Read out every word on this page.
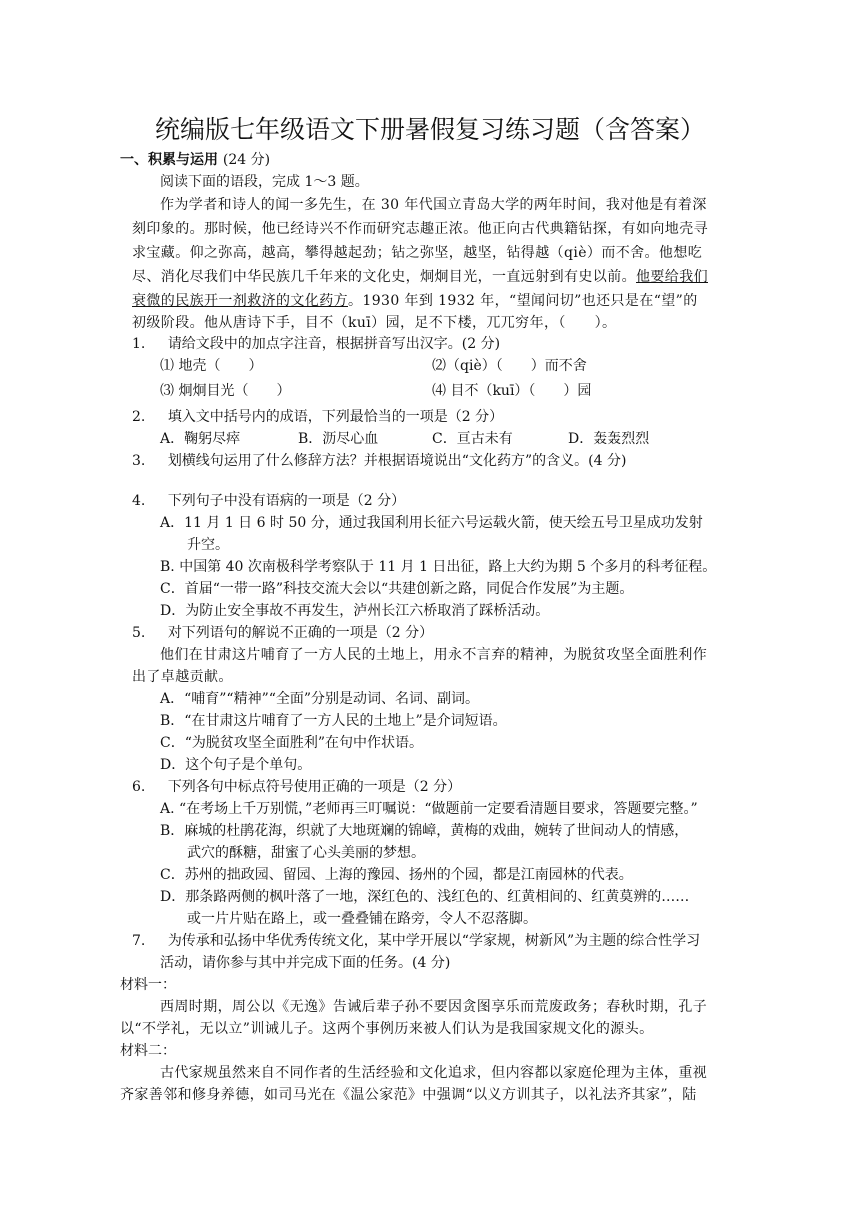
统编版七年级语文下册暑假复习练习题（含答案）
一、积累与运用 (24 分)
阅读下面的语段，完成 1～3 题。
作为学者和诗人的闻一多先生，在 30 年代国立青岛大学的两年时间，我对他是有着深
刻印象的。那时候，他已经诗兴不作而研究志趣正浓。他正向古代典籍钻探，有如向地壳寻
求宝藏。仰之弥高，越高，攀得越起劲；钻之弥坚，越坚，钻得越（qiè）而不舍。他想吃
尽、消化尽我们中华民族几千年来的文化史，炯炯目光，一直远射到有史以前。他要给我们
衰微的民族开一剂救济的文化药方。1930 年到 1932 年，“望闻问切”也还只是在“望”的
初级阶段。他从唐诗下手，目不（kuī）园，足不下楼，兀兀穷年，（　　）。
1. 请给文段中的加点字注音，根据拼音写出汉字。(2 分)
⑴ 地壳（　　）	⑵（qiè）（　　）而不舍
⑶ 炯炯目光（　　）	⑷ 目不（kuī）（　　）园
2. 填入文中括号内的成语，下列最恰当的一项是（2 分）
A．鞠躬尽瘁	B．沥尽心血	C．亘古未有	D．轰轰烈烈
3. 划横线句运用了什么修辞方法？并根据语境说出“文化药方”的含义。(4 分)
4. 下列句子中没有语病的一项是（2 分）
A．11 月 1 日 6 时 50 分，通过我国利用长征六号运载火箭，使天绘五号卫星成功发射
升空。
B. 中国第 40 次南极科学考察队于 11 月 1 日出征，路上大约为期 5 个多月的科考征程。
C．首届“一带一路”科技交流大会以“共建创新之路，同促合作发展”为主题。
D．为防止安全事故不再发生，泸州长江六桥取消了踩桥活动。
5. 对下列语句的解说不正确的一项是（2 分）
他们在甘肃这片哺育了一方人民的土地上，用永不言弃的精神，为脱贫攻坚全面胜利作
出了卓越贡献。
A．“哺育”“精神”“全面”分别是动词、名词、副词。
B．“在甘肃这片哺育了一方人民的土地上”是介词短语。
C．“为脱贫攻坚全面胜利”在句中作状语。
D．这个句子是个单句。
6. 下列各句中标点符号使用正确的一项是（2 分）
A. “在考场上千万别慌，”老师再三叮嘱说：“做题前一定要看清题目要求，答题要完整。”
B．麻城的杜鹃花海，织就了大地斑斓的锦嶂，黄梅的戏曲，婉转了世间动人的情感，
武穴的酥糖，甜蜜了心头美丽的梦想。
C．苏州的拙政园、留园、上海的豫园、扬州的个园，都是江南园林的代表。
D．那条路两侧的枫叶落了一地，深红色的、浅红色的、红黄相间的、红黄莫辨的……
或一片片贴在路上，或一叠叠铺在路旁，令人不忍落脚。
7. 为传承和弘扬中华优秀传统文化，某中学开展以“学家规，树新风”为主题的综合性学习
活动，请你参与其中并完成下面的任务。(4 分)
材料一：
西周时期，周公以《无逸》告诫后辈子孙不要因贪图享乐而荒废政务；春秋时期，孔子
以“不学礼，无以立”训诫儿子。这两个事例历来被人们认为是我国家规文化的源头。
材料二：
古代家规虽然来自不同作者的生活经验和文化追求，但内容都以家庭伦理为主体，重视
齐家善邻和修身养德，如司马光在《温公家范》中强调“以义方训其子，以礼法齐其家”，陆
